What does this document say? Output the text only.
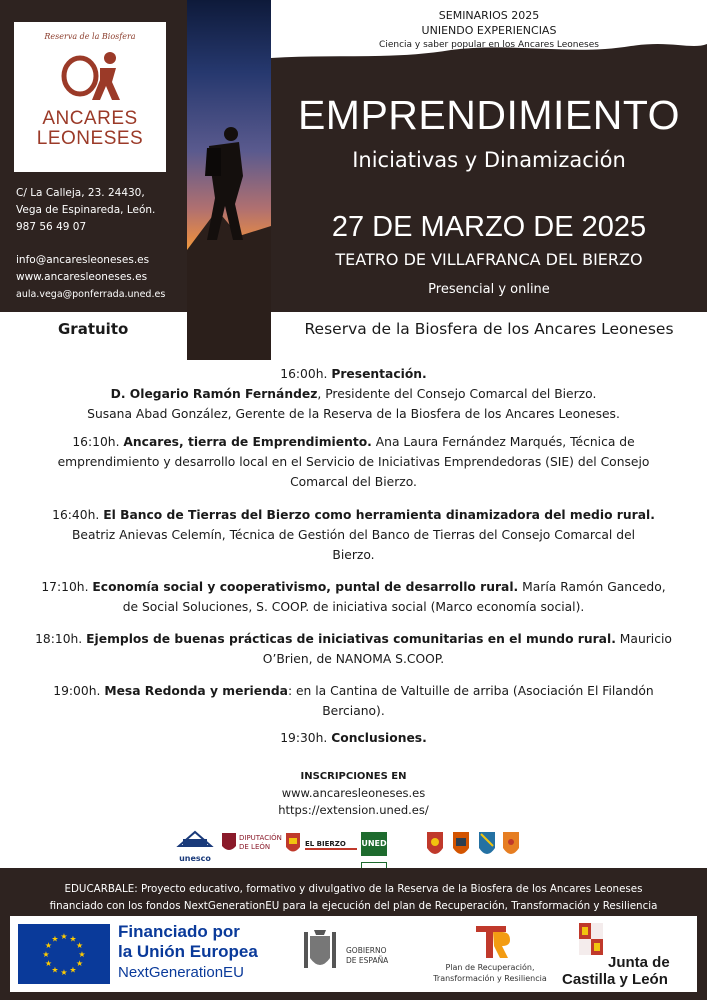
Reserva de la Biosfera
ANCARES
LEONESES
C/ La Calleja, 23. 24430,
Vega de Espinareda, León.
987 56 49 07
info@ancaresleoneses.es
www.ancaresleoneses.es
aula.vega@ponferrada.uned.es
SEMINARIOS 2025
UNIENDO EXPERIENCIAS
Ciencia y saber popular en los Ancares Leoneses
EMPRENDIMIENTO
Iniciativas y Dinamización
27 DE MARZO DE 2025
TEATRO DE VILLAFRANCA DEL BIERZO
Presencial y online
Gratuito	Reserva de la Biosfera de los Ancares Leoneses
16:00h. Presentación.
D. Olegario Ramón Fernández, Presidente del Consejo Comarcal del Bierzo.
Susana Abad González, Gerente de la Reserva de la Biosfera de los Ancares Leoneses.
16:10h. Ancares, tierra de Emprendimiento. Ana Laura Fernández Marqués, Técnica de
emprendimiento y desarrollo local en el Servicio de Iniciativas Emprendedoras (SIE) del Consejo
Comarcal del Bierzo.
16:40h. El Banco de Tierras del Bierzo como herramienta dinamizadora del medio rural.
Beatriz Anievas Celemín, Técnica de Gestión del Banco de Tierras del Consejo Comarcal del
Bierzo.
17:10h. Economía social y cooperativismo, puntal de desarrollo rural. María Ramón Gancedo,
de Social Soluciones, S. COOP. de iniciativa social (Marco economía social).
18:10h. Ejemplos de buenas prácticas de iniciativas comunitarias en el mundo rural. Mauricio
O’Brien, de NANOMA S.COOP.
19:00h. Mesa Redonda y merienda: en la Cantina de Valtuille de arriba (Asociación El Filandón
Berciano).
19:30h. Conclusiones.
INSCRIPCIONES EN
www.ancaresleoneses.es
https://extension.uned.es/
unesco
DIPUTACIÓN DE LEÓN	EL BIERZO	UNED
EDUCARBALE: Proyecto educativo, formativo y divulgativo de la Reserva de la Biosfera de los Ancares Leoneses
financiado con los fondos NextGenerationEU para la ejecución del plan de Recuperación, Transformación y Resiliencia
★
★
★
★
★
★
★
★
★ ★ ★
★
Financiado por
la Unión Europea
NextGenerationEU
GOBIERNO
DE ESPAÑA
Plan de Recuperación,
Transformación y Resiliencia
Junta de
Castilla y León
